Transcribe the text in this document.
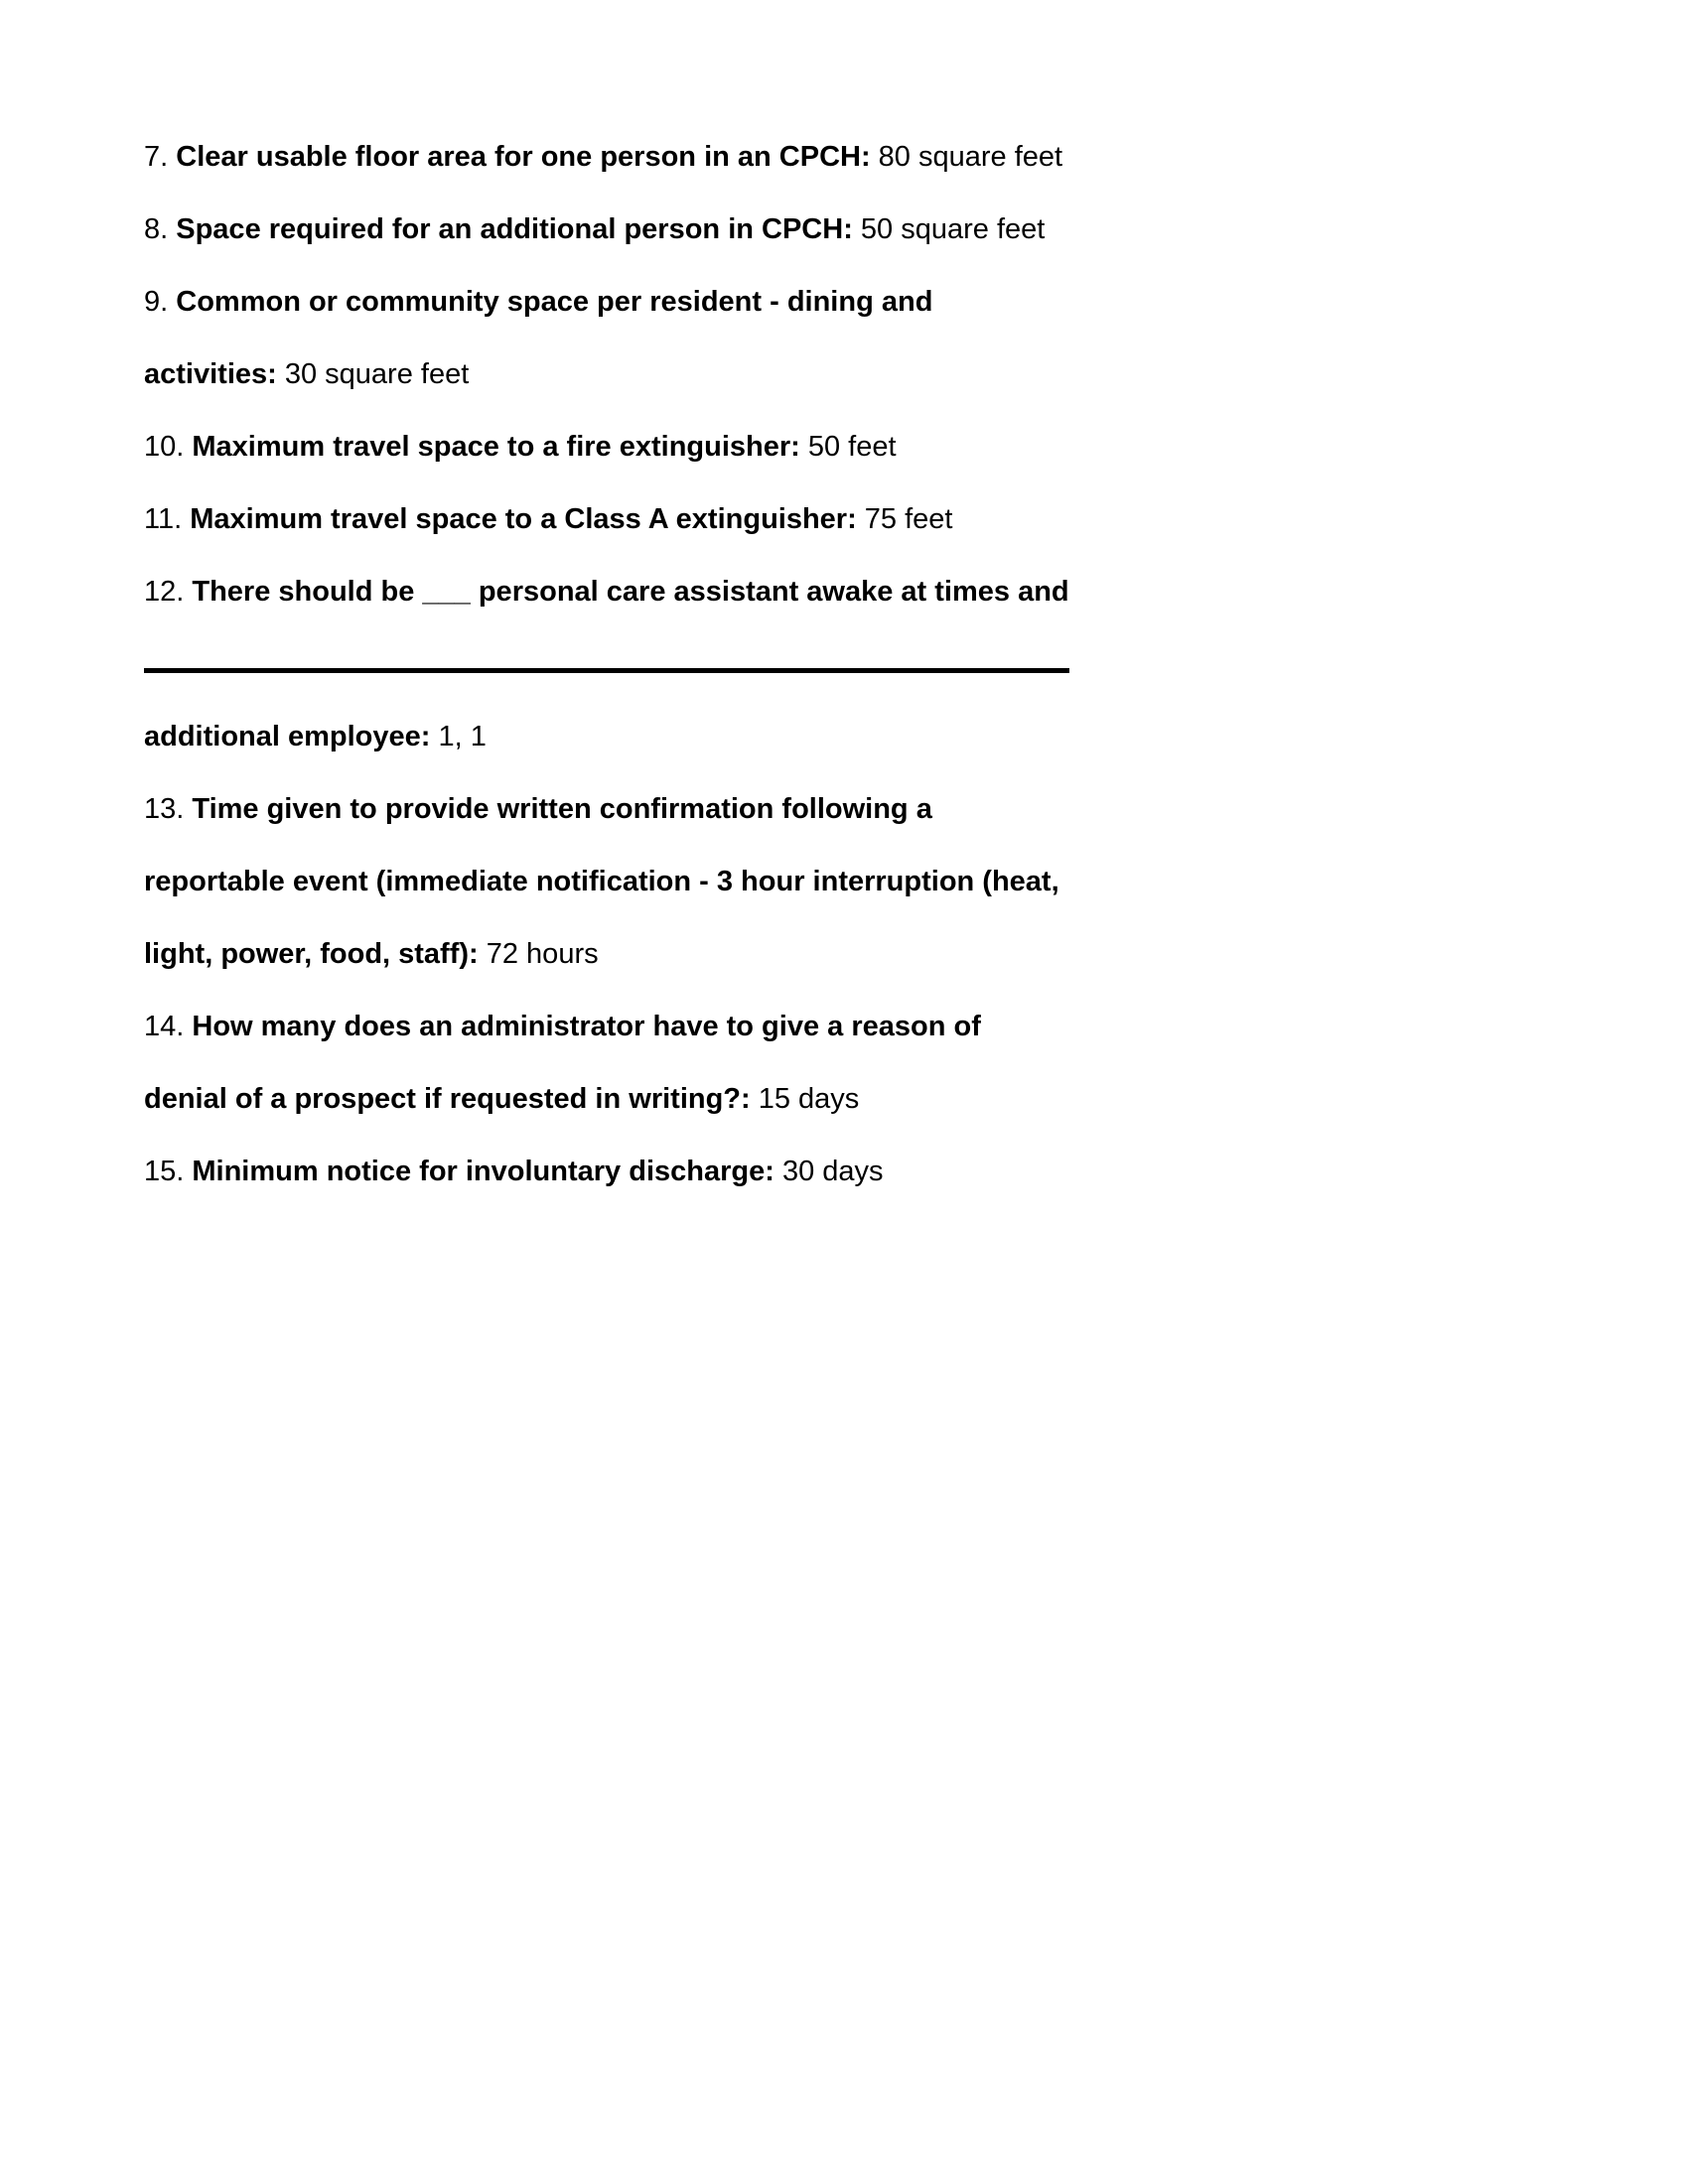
7. Clear usable floor area for one person in an CPCH: 80 square feet

8. Space required for an additional person in CPCH: 50 square feet

9. Common or community space per resident - dining and activities: 30 square feet

10. Maximum travel space to a fire extinguisher: 50 feet

11. Maximum travel space to a Class A extinguisher: 75 feet

12. There should be ___ personal care assistant awake at times and

additional employee: 1, 1

13. Time given to provide written confirmation following a reportable event (immediate notification - 3 hour interruption (heat, light, power, food, staff): 72 hours

14. How many does an administrator have to give a reason of denial of a prospect if requested in writing?: 15 days

15. Minimum notice for involuntary discharge: 30 days
